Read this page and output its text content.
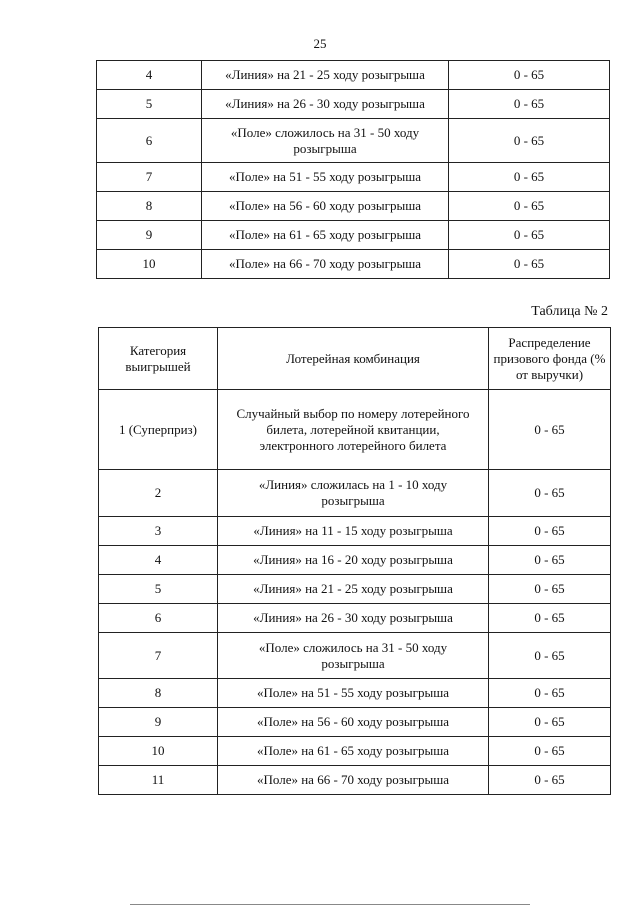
25
4	«Линия» на 21 - 25 ходу розыгрыша	0 - 65
5	«Линия» на 26 - 30 ходу розыгрыша	0 - 65
6	«Поле» сложилось на 31 - 50 ходу розыгрыша	0 - 65
7	«Поле» на 51 - 55 ходу розыгрыша	0 - 65
8	«Поле» на 56 - 60 ходу розыгрыша	0 - 65
9	«Поле» на 61 - 65 ходу розыгрыша	0 - 65
10	«Поле» на 66 - 70 ходу розыгрыша	0 - 65
Таблица № 2
Категория выигрышей	Лотерейная комбинация	Распределение призового фонда (% от выручки)
1 (Суперприз)	Случайный выбор по номеру лотерейного билета, лотерейной квитанции, электронного лотерейного билета	0 - 65
2	«Линия» сложилась на 1 - 10 ходу розыгрыша	0 - 65
3	«Линия» на 11 - 15 ходу розыгрыша	0 - 65
4	«Линия» на 16 - 20 ходу розыгрыша	0 - 65
5	«Линия» на 21 - 25 ходу розыгрыша	0 - 65
6	«Линия» на 26 - 30 ходу розыгрыша	0 - 65
7	«Поле» сложилось на 31 - 50 ходу розыгрыша	0 - 65
8	«Поле» на 51 - 55 ходу розыгрыша	0 - 65
9	«Поле» на 56 - 60 ходу розыгрыша	0 - 65
10	«Поле» на 61 - 65 ходу розыгрыша	0 - 65
11	«Поле» на 66 - 70 ходу розыгрыша	0 - 65
